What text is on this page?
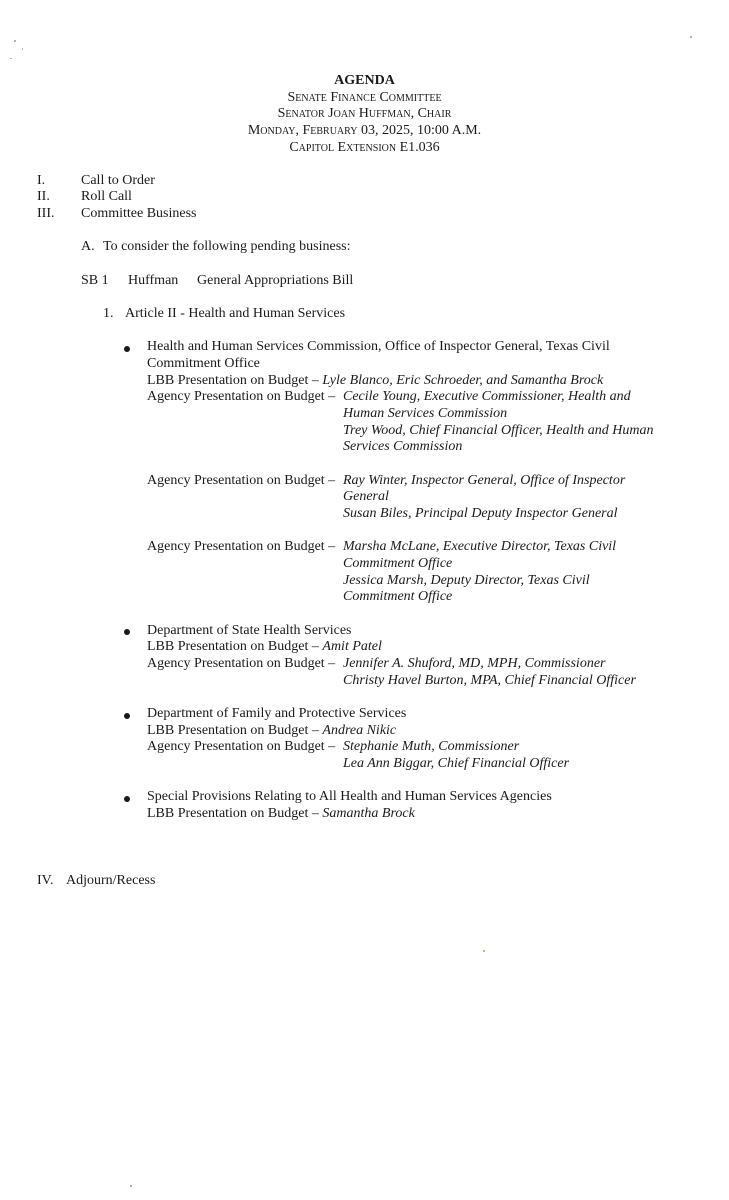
AGENDA
Senate Finance Committee
Senator Joan Huffman, Chair
Monday, February 03, 2025, 10:00 A.M.
Capitol Extension E1.036
I.	Call to Order
II. Roll Call
III. Committee Business
A. To consider the following pending business:
SB 1 Huffman General Appropriations Bill
1. Article II - Health and Human Services
Health and Human Services Commission, Office of Inspector General, Texas Civil
Commitment Office
LBB Presentation on Budget – Lyle Blanco, Eric Schroeder, and Samantha Brock
Agency Presentation on Budget – Cecile Young, Executive Commissioner, Health and
Human Services Commission
Trey Wood, Chief Financial Officer, Health and Human
Services Commission
Agency Presentation on Budget – Ray Winter, Inspector General, Office of Inspector
General
Susan Biles, Principal Deputy Inspector General
Agency Presentation on Budget – Marsha McLane, Executive Director, Texas Civil
Commitment Office
Jessica Marsh, Deputy Director, Texas Civil
Commitment Office
Department of State Health Services
LBB Presentation on Budget – Amit Patel
Agency Presentation on Budget – Jennifer A. Shuford, MD, MPH, Commissioner
Christy Havel Burton, MPA, Chief Financial Officer
Department of Family and Protective Services
LBB Presentation on Budget – Andrea Nikic
Agency Presentation on Budget – Stephanie Muth, Commissioner
Lea Ann Biggar, Chief Financial Officer
Special Provisions Relating to All Health and Human Services Agencies
LBB Presentation on Budget – Samantha Brock
IV. Adjourn/Recess
